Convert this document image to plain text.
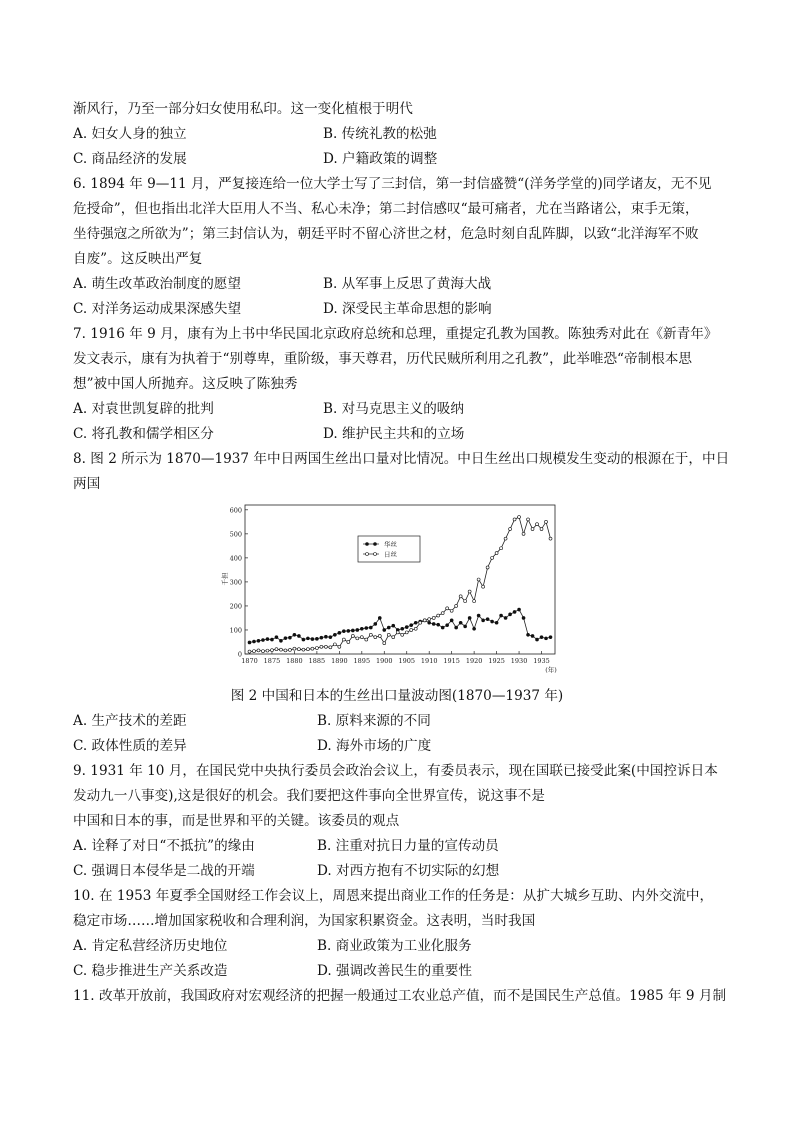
渐风行，乃至一部分妇女使用私印。这一变化植根于明代
A. 妇女人身的独立	B. 传统礼教的松弛
C. 商品经济的发展	D. 户籍政策的调整
6. 1894 年 9—11 月，严复接连给一位大学士写了三封信，第一封信盛赞“(洋务学堂的)同学诸友，无不见
危授命”，但也指出北洋大臣用人不当、私心未净；第二封信感叹“最可痛者，尤在当路诸公，束手无策，
坐待强寇之所欲为”；第三封信认为，朝廷平时不留心济世之材，危急时刻自乱阵脚，以致“北洋海军不败
自废”。这反映出严复
A. 萌生改革政治制度的愿望	B. 从军事上反思了黄海大战
C. 对洋务运动成果深感失望	D. 深受民主革命思想的影响
7. 1916 年 9 月，康有为上书中华民国北京政府总统和总理，重提定孔教为国教。陈独秀对此在《新青年》
发文表示，康有为执着于“别尊卑，重阶级，事天尊君，历代民贼所利用之孔教”，此举唯恐“帝制根本思
想”被中国人所抛弃。这反映了陈独秀
A. 对袁世凯复辟的批判	B. 对马克思主义的吸纳
C. 将孔教和儒学相区分	D. 维护民主共和的立场
8. 图 2 所示为 1870—1937 年中日两国生丝出口量对比情况。中日生丝出口规模发生变动的根源在于，中日
两国
0
100
200
300
400
500
600
1870 1875 1880 1885 1890 1895 1900 1905 1910 1915 1920 1925 1930 1935
千担
(年)
华丝
日丝
图 2 中国和日本的生丝出口量波动图(1870—1937 年)
A. 生产技术的差距	B. 原料来源的不同
C. 政体性质的差异	D. 海外市场的广度
9. 1931 年 10 月，在国民党中央执行委员会政治会议上，有委员表示，现在国联已接受此案(中国控诉日本
发动九一八事变),这是很好的机会。我们要把这件事向全世界宣传，说这事不是
中国和日本的事，而是世界和平的关键。该委员的观点
A. 诠释了对日“不抵抗”的缘由	B. 注重对抗日力量的宣传动员
C. 强调日本侵华是二战的开端	D. 对西方抱有不切实际的幻想
10. 在 1953 年夏季全国财经工作会议上，周恩来提出商业工作的任务是：从扩大城乡互助、内外交流中，
稳定市场……增加国家税收和合理利润，为国家积累资金。这表明，当时我国
A. 肯定私营经济历史地位	B. 商业政策为工业化服务
C. 稳步推进生产关系改造	D. 强调改善民生的重要性
11. 改革开放前，我国政府对宏观经济的把握一般通过工农业总产值，而不是国民生产总值。1985 年 9 月制
